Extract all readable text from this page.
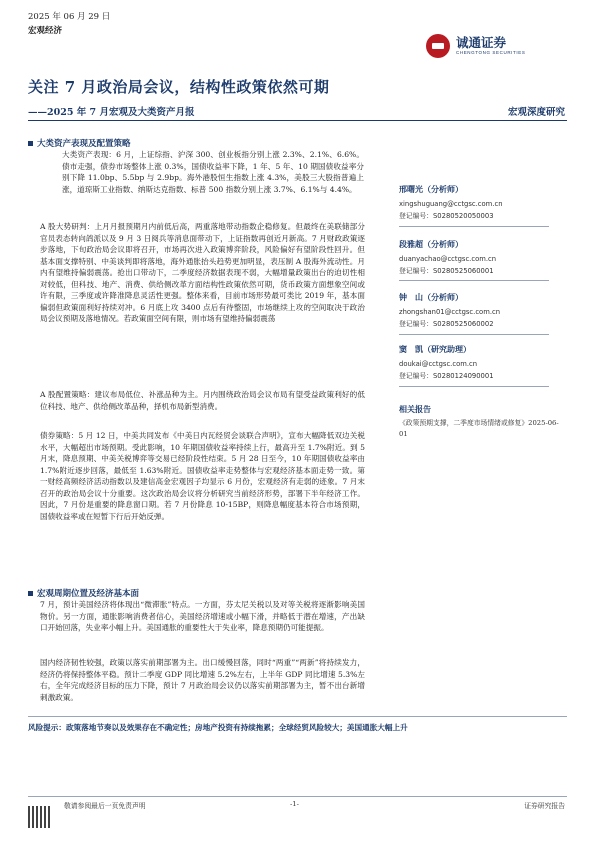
2025 年 06 月 29 日
宏观经济
诚通证券
CHENGTONG SECURITIES
关注 7 月政治局会议，结构性政策依然可期
——2025 年 7 月宏观及大类资产月报	宏观深度研究
大类资产表现及配置策略
大类资产表现：6 月，上证综指、沪深 300、创业板指分别上涨 2.3%、2.1%、6.6%。债市走强，债券市场整体上涨 0.3%，国债收益率下降，1 年、5 年、10 期国债收益率分别下降 11.0bp、5.5bp 与 2.9bp。海外港股恒生指数上涨 4.3%，美股三大股指普遍上涨，道琼斯工业指数、纳斯达克指数、标普 500 指数分别上涨 3.7%、6.1%与 4.4%。
A 股大势研判：上月月报预期月内前低后高，两重落地带动指数企稳修复。但最终在美联储部分官员表态转向鸽派以及 9 月 3 日阅兵等消息面带动下，上证指数再创近月新高。7 月财政政策逐步落地，下旬政治局会议即将召开，市场再次进入政策博弈阶段，风险偏好有望阶段性回升。但基本面支撑特别、中美谈判即将落地，海外通胀抬头趋势更加明显，表压制 A 股海外流动性。月内有望维持偏弱震荡。抢出口带动下，二季度经济数据表现不弱，大幅增量政策出台的迫切性相对较低，但科技、地产、消费、供给侧改革方面结构性政策依然可期，货币政策方面想象空间或许有限，三季度或许降准降息灵活性更强。整体来看，目前市场形势最可类比 2019 年，基本面偏弱但政策面利好持续对冲。6 月底上攻 3400 点后有待整固，市场继续上攻的空间取决于政治局会议预期及落地情况。若政策面空间有限，则市场有望维持偏弱震荡
A 股配置策略：建议布局低位、补涨品种为主。月内围绕政治局会议布局有望受益政策利好的低位科技、地产、供给侧改革品种，择机布局新型消费。
债券策略：5 月 12 日，中美共同发布《中美日内瓦经贸会谈联合声明》，宣布大幅降低双边关税水平，大幅超出市场预期。受此影响，10 年期国债收益率持续上行，最高升至 1.7%附近。到 5 月末，降息预期、中美关税博弈等交易已经阶段性结束。5 月 28 日至今，10 年期国债收益率由 1.7%附近逐步回落，最低至 1.63%附近。国债收益率走势整体与宏观经济基本面走势一致。第一财经高频经济活动指数以及建信高金宏观因子均显示 6 月份，宏观经济有走弱的迹象。7 月末召开的政治局会议十分重要。这次政治局会议将分析研究当前经济形势，部署下半年经济工作。因此，7 月份是重要的降息窗口期。若 7 月份降息 10-15BP，则降息幅度基本符合市场预期，国债收益率或在短暂下行后开始反弹。
宏观周期位置及经济基本面
7 月，预计美国经济将体现出“微滞胀”特点。一方面，芬太尼关税以及对等关税将逐渐影响美国物价。另一方面，通胀影响消费者信心，美国经济增速或小幅下滑，并略低于潜在增速，产出缺口开始回落，失业率小幅上升。美国通胀的重要性大于失业率，降息预期仍可能提振。
国内经济韧性较强，政策以落实前期部署为主。出口缓慢回落，同时“两重”“两新”将持续发力，经济仍将保持整体平稳。预计二季度 GDP 同比增速 5.2%左右，上半年 GDP 同比增速 5.3%左右，全年完成经济目标的压力下降，预计 7 月政治局会议仍以落实前期部署为主，暂不出台新增刺激政策。
风险提示：政策落地节奏以及效果存在不确定性；房地产投资有持续拖累；全球经贸风险较大；美国通胀大幅上升
邢曙光（分析师）
xingshuguang@cctgsc.com.cn
登记编号：S0280520050003
段雅超（分析师）
duanyachao@cctgsc.com.cn
登记编号：S0280525060001
钟　山（分析师）
zhongshan01@cctgsc.com.cn
登记编号：S0280525060002
窦　凯（研究助理）
doukai@cctgsc.com.cn
登记编号：S0280124090001
相关报告
《政策预期支撑，二季度市场情绪或修复》2025-06-01
敬请参阅最后一页免责声明	-1-	证券研究报告
